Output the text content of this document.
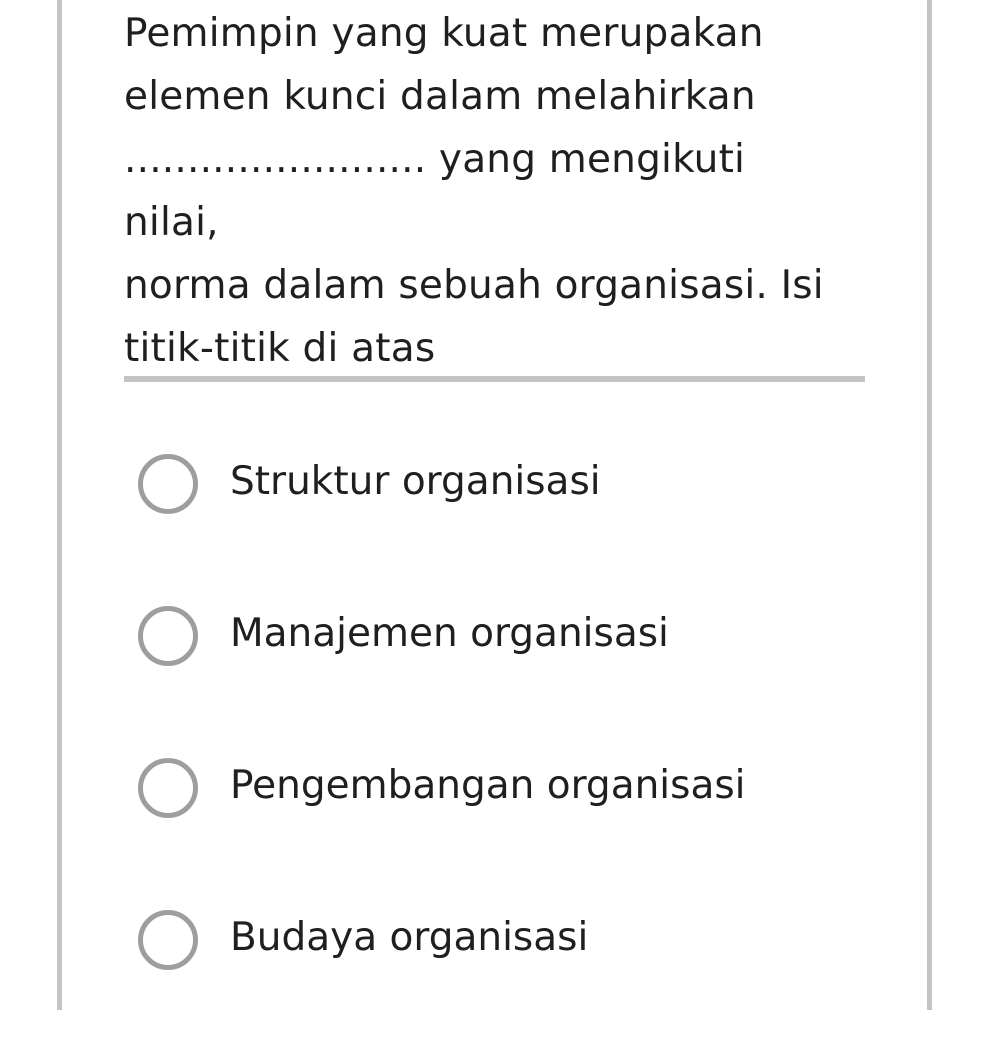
Pemimpin yang kuat merupakan
elemen kunci dalam melahirkan
........................ yang mengikuti nilai,
norma dalam sebuah organisasi. Isi
titik-titik di atas

Struktur organisasi
Manajemen organisasi
Pengembangan organisasi
Budaya organisasi
